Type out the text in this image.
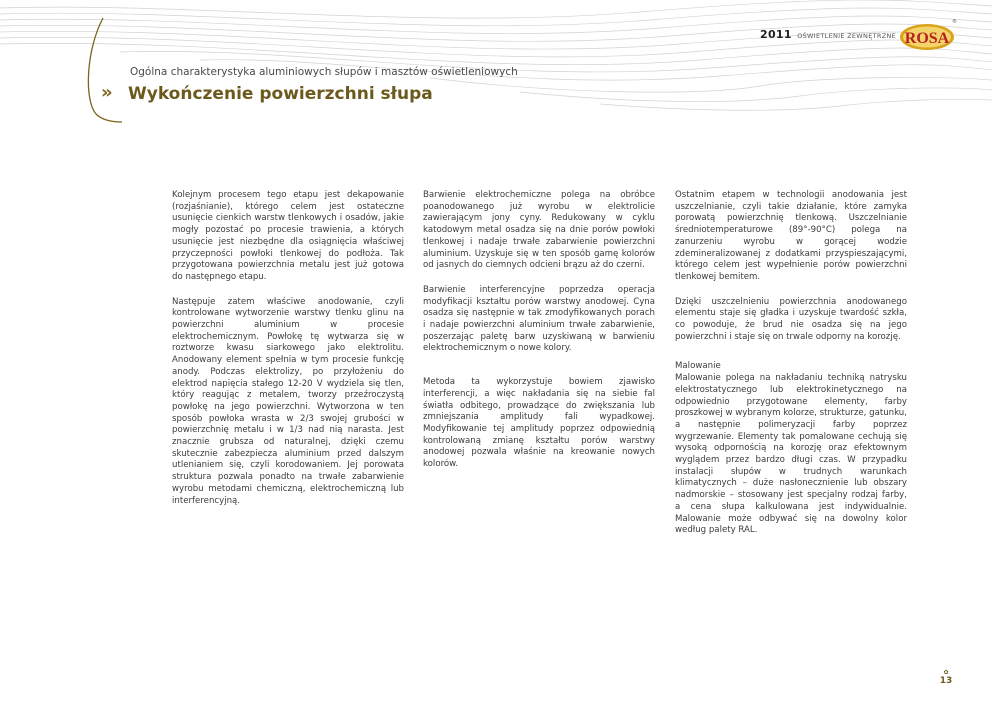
2011 OŚWIETLENIE ZEWNĘTRZNE ROSA
®
Ogólna charakterystyka aluminiowych słupów i masztów oświetleniowych
» Wykończenie powierzchni słupa

Kolejnym procesem tego etapu jest dekapowanie (rozjaśnianie), którego celem jest ostateczne usunięcie cienkich warstw tlenkowych i osadów, jakie mogły pozostać po procesie trawienia, a których usunięcie jest niezbędne dla osiągnięcia właściwej przyczepności powłoki tlenkowej do podłoża. Tak przygotowana powierzchnia metalu jest już gotowa do następnego etapu.

Następuje zatem właściwe anodowanie, czyli kontrolowane wytworzenie warstwy tlenku glinu na powierzchni aluminium w procesie elektrochemicznym. Powłokę tę wytwarza się w roztworze kwasu siarkowego jako elektrolitu. Anodowany element spełnia w tym procesie funkcję anody. Podczas elektrolizy, po przyłożeniu do elektrod napięcia stałego 12-20 V wydziela się tlen, który reagując z metalem, tworzy przeźroczystą powłokę na jego powierzchni. Wytworzona w ten sposób powłoka wrasta w 2/3 swojej grubości w powierzchnię metalu i w 1/3 nad nią narasta. Jest znacznie grubsza od naturalnej, dzięki czemu skutecznie zabezpiecza aluminium przed dalszym utlenianiem się, czyli korodowaniem. Jej porowata struktura pozwala ponadto na trwałe zabarwienie wyrobu metodami chemiczną, elektrochemiczną lub interferencyjną.

Barwienie elektrochemiczne polega na obróbce poanodowanego już wyrobu w elektrolicie zawierającym jony cyny. Redukowany w cyklu katodowym metal osadza się na dnie porów powłoki tlenkowej i nadaje trwałe zabarwienie powierzchni aluminium. Uzyskuje się w ten sposób gamę kolorów od jasnych do ciemnych odcieni brązu aż do czerni.

Barwienie interferencyjne poprzedza operacja modyfikacji kształtu porów warstwy anodowej. Cyna osadza się następnie w tak zmodyfikowanych porach i nadaje powierzchni aluminium trwałe zabarwienie, poszerzając paletę barw uzyskiwaną w barwieniu elektrochemicznym o nowe kolory.

Metoda ta wykorzystuje bowiem zjawisko interferencji, a więc nakładania się na siebie fal światła odbitego, prowadzące do zwiększania lub zmniejszania amplitudy fali wypadkowej. Modyfikowanie tej amplitudy poprzez odpowiednią kontrolowaną zmianę kształtu porów warstwy anodowej pozwala właśnie na kreowanie nowych kolorów.

Ostatnim etapem w technologii anodowania jest uszczelnianie, czyli takie działanie, które zamyka porowatą powierzchnię tlenkową. Uszczelnianie średniotemperaturowe (89°-90°C) polega na zanurzeniu wyrobu w gorącej wodzie zdemineralizowanej z dodatkami przyspieszającymi, którego celem jest wypełnienie porów powierzchni tlenkowej bemitem.

Dzięki uszczelnieniu powierzchnia anodowanego elementu staje się gładka i uzyskuje twardość szkła, co powoduje, że brud nie osadza się na jego powierzchni i staje się on trwale odporny na korozję.

Malowanie

Malowanie polega na nakładaniu techniką natrysku elektrostatycznego lub elektrokinetycznego na odpowiednio przygotowane elementy, farby proszkowej w wybranym kolorze, strukturze, gatunku, a następnie polimeryzacji farby poprzez wygrzewanie. Elementy tak pomalowane cechują się wysoką odpornością na korozję oraz efektownym wyglądem przez bardzo długi czas. W przypadku instalacji słupów w trudnych warunkach klimatycznych – duże nasłonecznienie lub obszary nadmorskie – stosowany jest specjalny rodzaj farby, a cena słupa kalkulowana jest indywidualnie. Malowanie może odbywać się na dowolny kolor według palety RAL.

✿
13
